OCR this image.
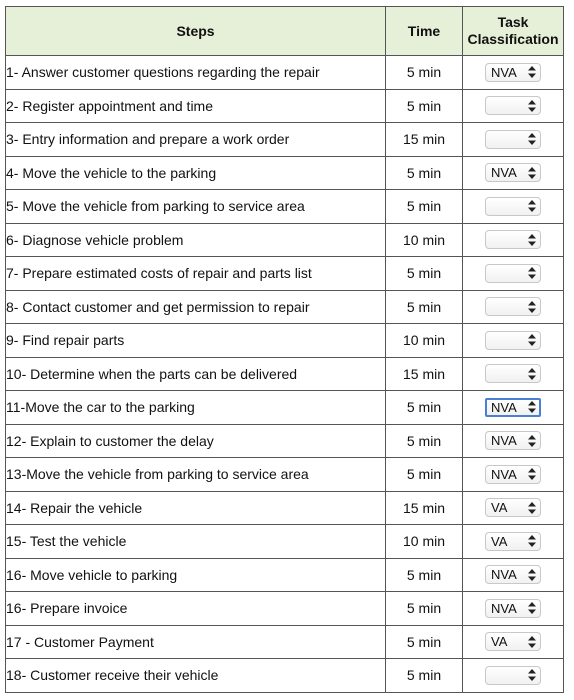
Steps	Time	Task
Classification

1- Answer customer questions regarding the repair	5 min	NVA

2- Register appointment and time	5 min	

3- Entry information and prepare a work order	15 min	

4- Move the vehicle to the parking	5 min	NVA

5- Move the vehicle from parking to service area	5 min	

6- Diagnose vehicle problem	10 min	

7- Prepare estimated costs of repair and parts list	5 min	

8- Contact customer and get permission to repair	5 min	

9- Find repair parts	10 min	

10- Determine when the parts can be delivered	15 min	

11-Move the car to the parking	5 min	NVA

12- Explain to customer the delay	5 min	NVA

13-Move the vehicle from parking to service area	5 min	NVA

14- Repair the vehicle	15 min	VA

15- Test the vehicle	10 min	VA

16- Move vehicle to parking	5 min	NVA

16- Prepare invoice	5 min	NVA

17 - Customer Payment	5 min	VA

18- Customer receive their vehicle	5 min	
